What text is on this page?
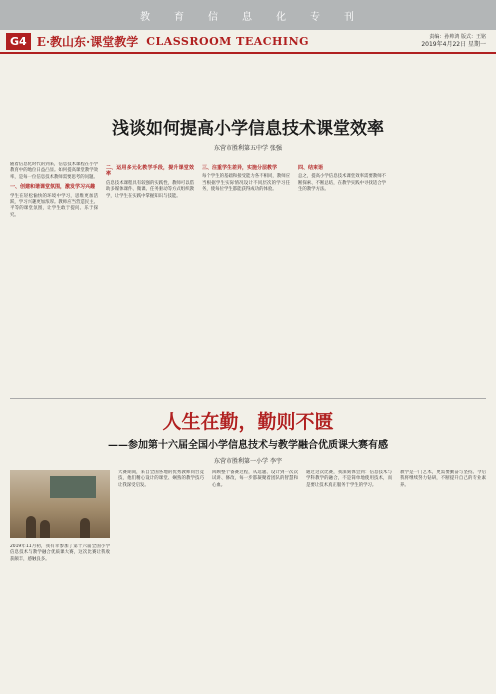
教 育 信 息 化 专 刊
G4 E·教山东·课堂教学 CLASSROOM TEACHING	责编：孙帅鸿 版式：王铭
2019年4月22日 星期一
浅谈如何提高小学信息技术课堂效率
东营市胜利第五中学 张强

随着信息化时代的到来，信息技术课程在小学教育中的地位日益凸显。如何提高课堂教学效率，是每一位信息技术教师需要思考的问题。

一、创建和谐课堂氛围，激发学习兴趣

学生在轻松愉快的环境中学习，思维更加活跃，学习兴趣更加浓厚。教师应当营造民主、平等的课堂氛围，让学生敢于提问、乐于探究。

二、运用多元化教学手段，提升课堂效率

信息技术课程具有较强的实践性，教师可以借助多媒体课件、微课、任务驱动等方式组织教学，让学生在实践中掌握知识与技能。

三、注重学生差异，实施分层教学

每个学生的基础和接受能力各不相同，教师应当根据学生实际情况设计不同层次的学习任务，使每位学生都能获得成功的体验。

四、结束语

总之，提高小学信息技术课堂效率需要教师不断探索、不断总结，在教学实践中寻找适合学生的教学方法。

人生在勤，勤则不匮
——参加第十六届全国小学信息技术与教学融合优质课大赛有感
东营市胜利第一小学 李宇

2019年11月初，我有幸参加了第十六届全国小学信息技术与教学融合优质课大赛，这次比赛让我收获颇丰，感触良多。

大赛期间，来自全国各地的优秀教师同台竞技，他们精心设计的课堂、娴熟的教学技巧让我深受启发。

回顾整个备赛过程，从选题、设计到一次次试讲、修改，每一步都凝聚着团队的智慧和心血。

通过这次比赛，我深刻体会到：信息技术与学科教学的融合，不是简单地使用技术，而是要让技术真正服务于学生的学习。

教学是一门艺术，更需要勤奋与坚持。今后我将继续努力钻研，不断提升自己的专业素养。
